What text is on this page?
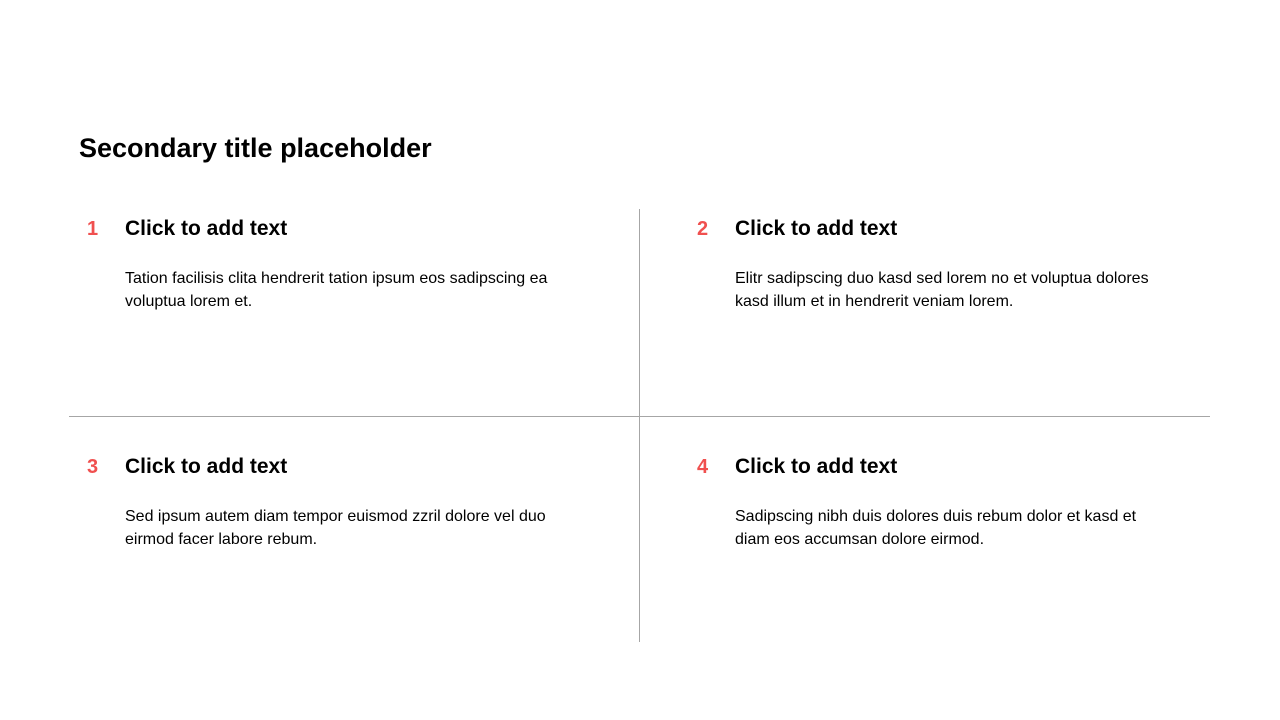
Secondary title placeholder
1 Click to add text

Tation facilisis clita hendrerit tation ipsum eos sadipscing ea voluptua lorem et.

2 Click to add text

Elitr sadipscing duo kasd sed lorem no et voluptua dolores kasd illum et in hendrerit veniam lorem.

3 Click to add text

Sed ipsum autem diam tempor euismod zzril dolore vel duo eirmod facer labore rebum.

4 Click to add text

Sadipscing nibh duis dolores duis rebum dolor et kasd et diam eos accumsan dolore eirmod.
